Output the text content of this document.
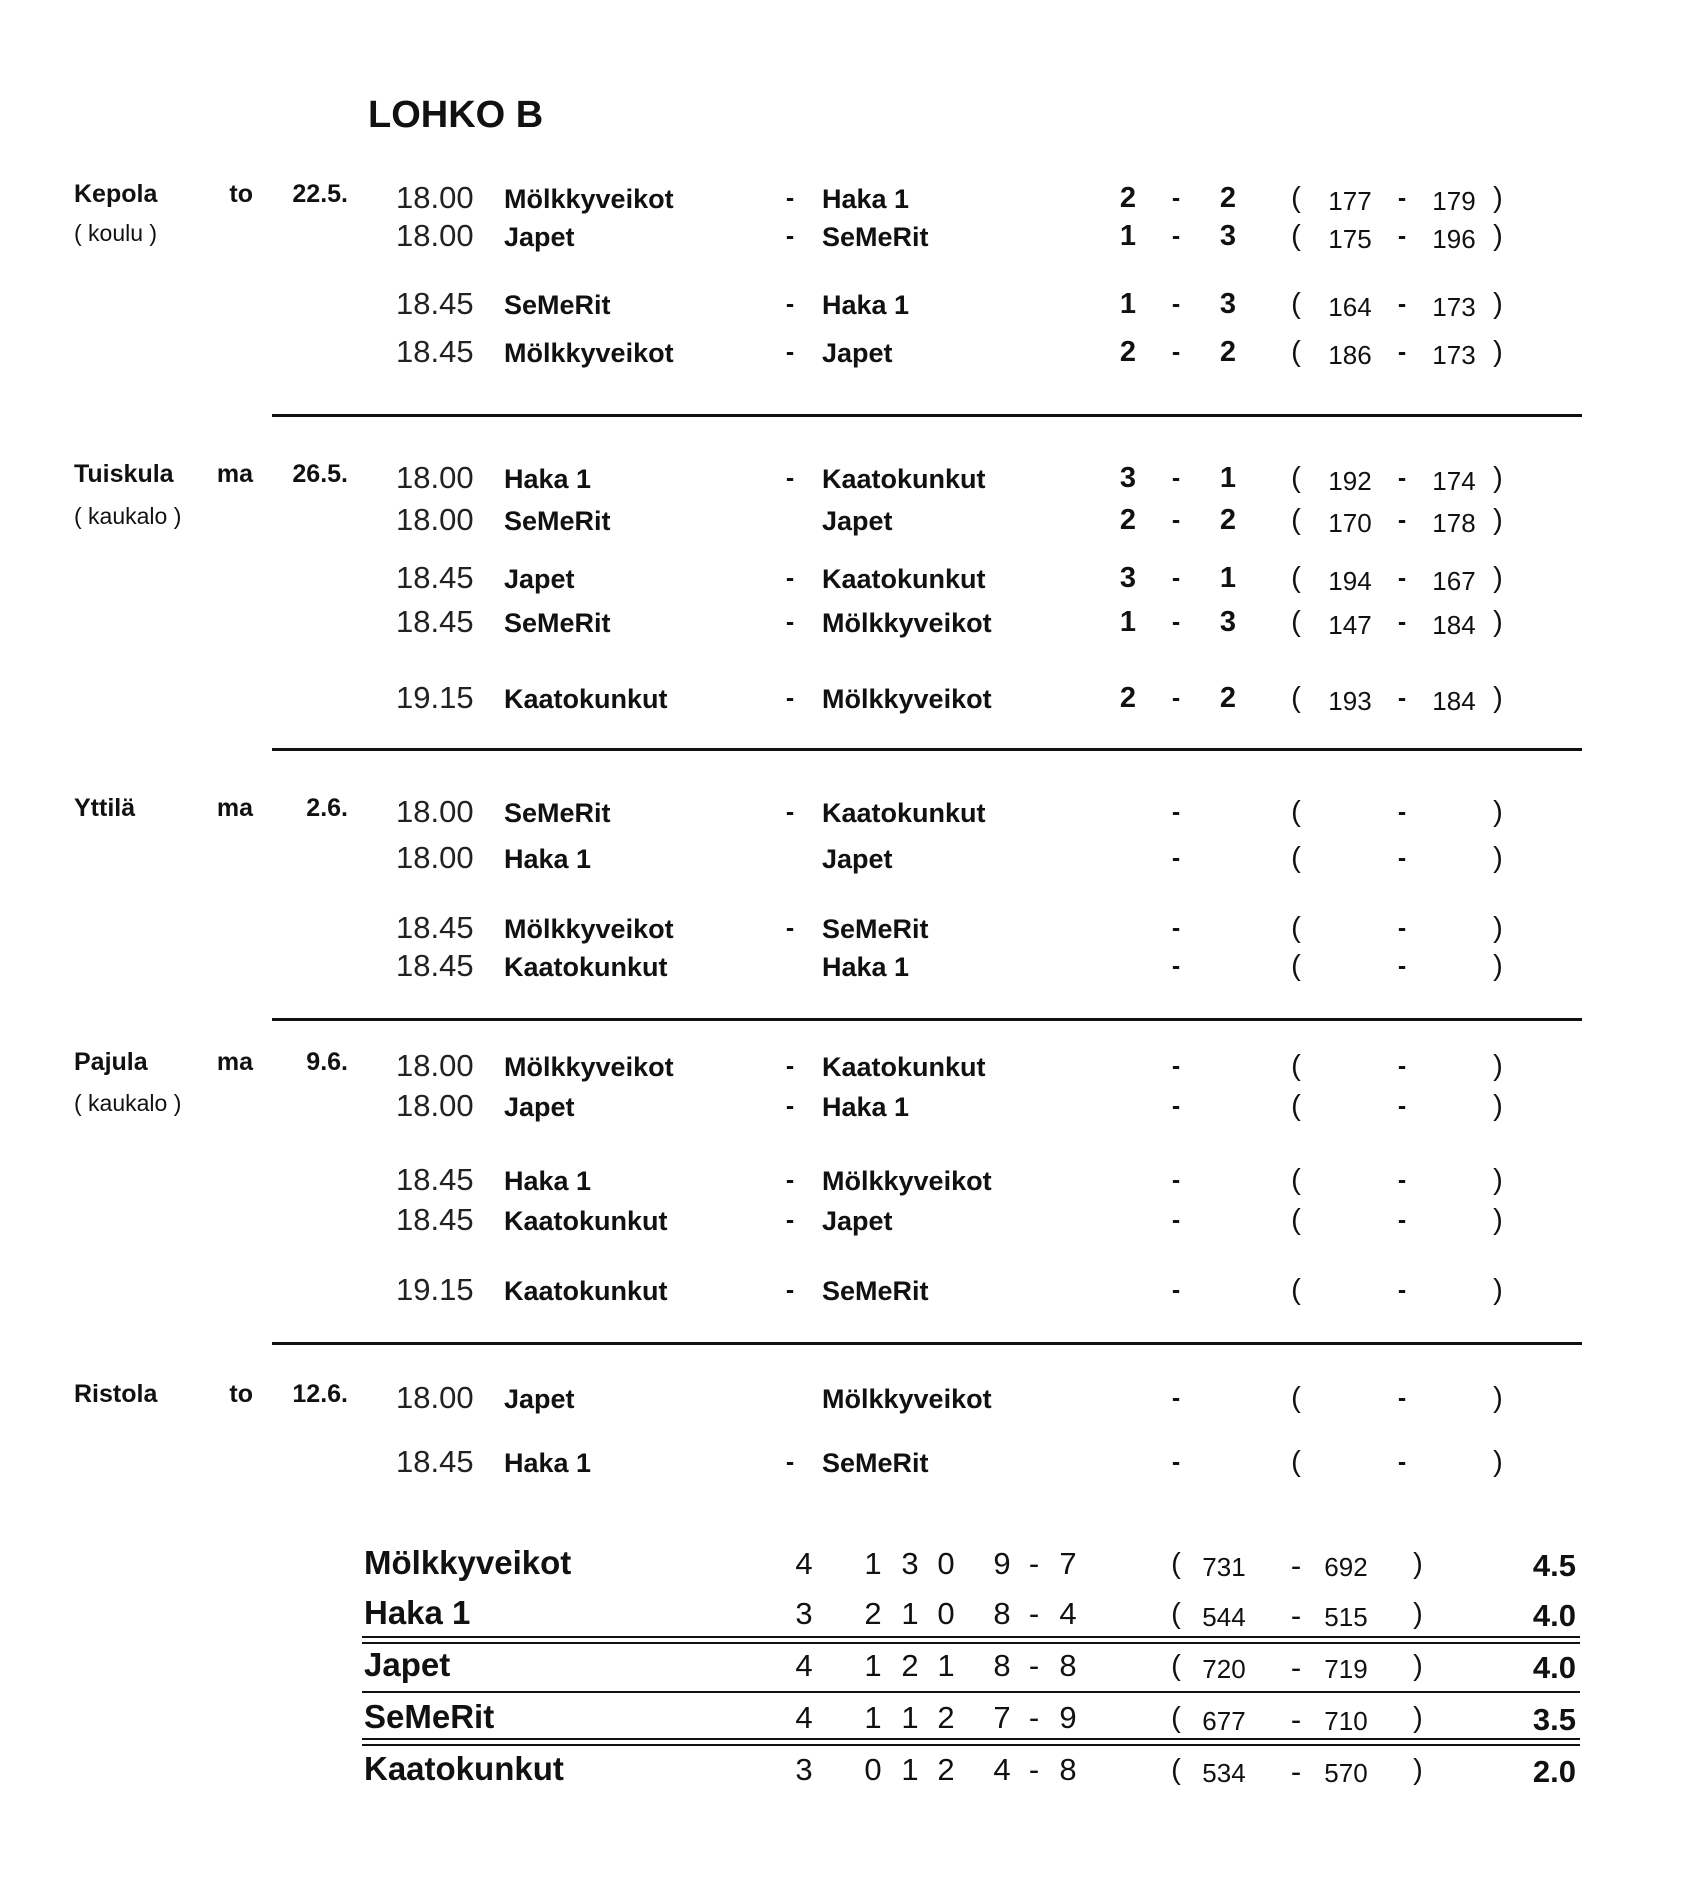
LOHKO B
Kepola
( koulu )
to 22.5. 18.00 Mölkkyveikot	- Haka 1	2 - 2 ( 177 - 179 )
18.00 Japet	- SeMeRit	1 - 3 ( 175 - 196 )
18.45 SeMeRit	- Haka 1	1 - 3 ( 164 - 173 )
18.45 Mölkkyveikot	- Japet	2 - 2 ( 186 - 173 )
Tuiskula
( kaukalo )
ma 26.5. 18.00 Haka 1	- Kaatokunkut	3 - 1 ( 192 - 174 )
18.00 SeMeRit	Japet	2 - 2 ( 170 - 178 )
18.45 Japet	- Kaatokunkut	3 - 1 ( 194 - 167 )
18.45 SeMeRit	- Mölkkyveikot	1 - 3 ( 147 - 184 )
19.15 Kaatokunkut	- Mölkkyveikot	2 - 2 ( 193 - 184 )
Yttilä	ma 2.6. 18.00 SeMeRit	- Kaatokunkut	-	(	-	)
18.00 Haka 1	Japet	-	(	-	)
18.45 Mölkkyveikot	- SeMeRit	-	(	-	)
18.45 Kaatokunkut	Haka 1	-	(	-	)
Pajula
( kaukalo )
ma 9.6. 18.00 Mölkkyveikot	- Kaatokunkut	-	(	-	)
18.00 Japet	- Haka 1	-	(	-	)
18.45 Haka 1	- Mölkkyveikot	-	(	-	)
18.45 Kaatokunkut	- Japet	-	(	-	)
19.15 Kaatokunkut	- SeMeRit	-	(	-	)
Ristola	to 12.6. 18.00 Japet	Mölkkyveikot	-	(	-	)
18.45 Haka 1	- SeMeRit	-	(	-	)
Mölkkyveikot	4 1 3 0 9 - 7	( 731 - 692 )	4.5
Haka 1	3 2 1 0 8 - 4	( 544 - 515 )	4.0
Japet	4 1 2 1 8 - 8	( 720 - 719 )	4.0
SeMeRit	4 1 1 2 7 - 9	( 677 - 710 )	3.5
Kaatokunkut	3 0 1 2 4 - 8	( 534 - 570 )	2.0
